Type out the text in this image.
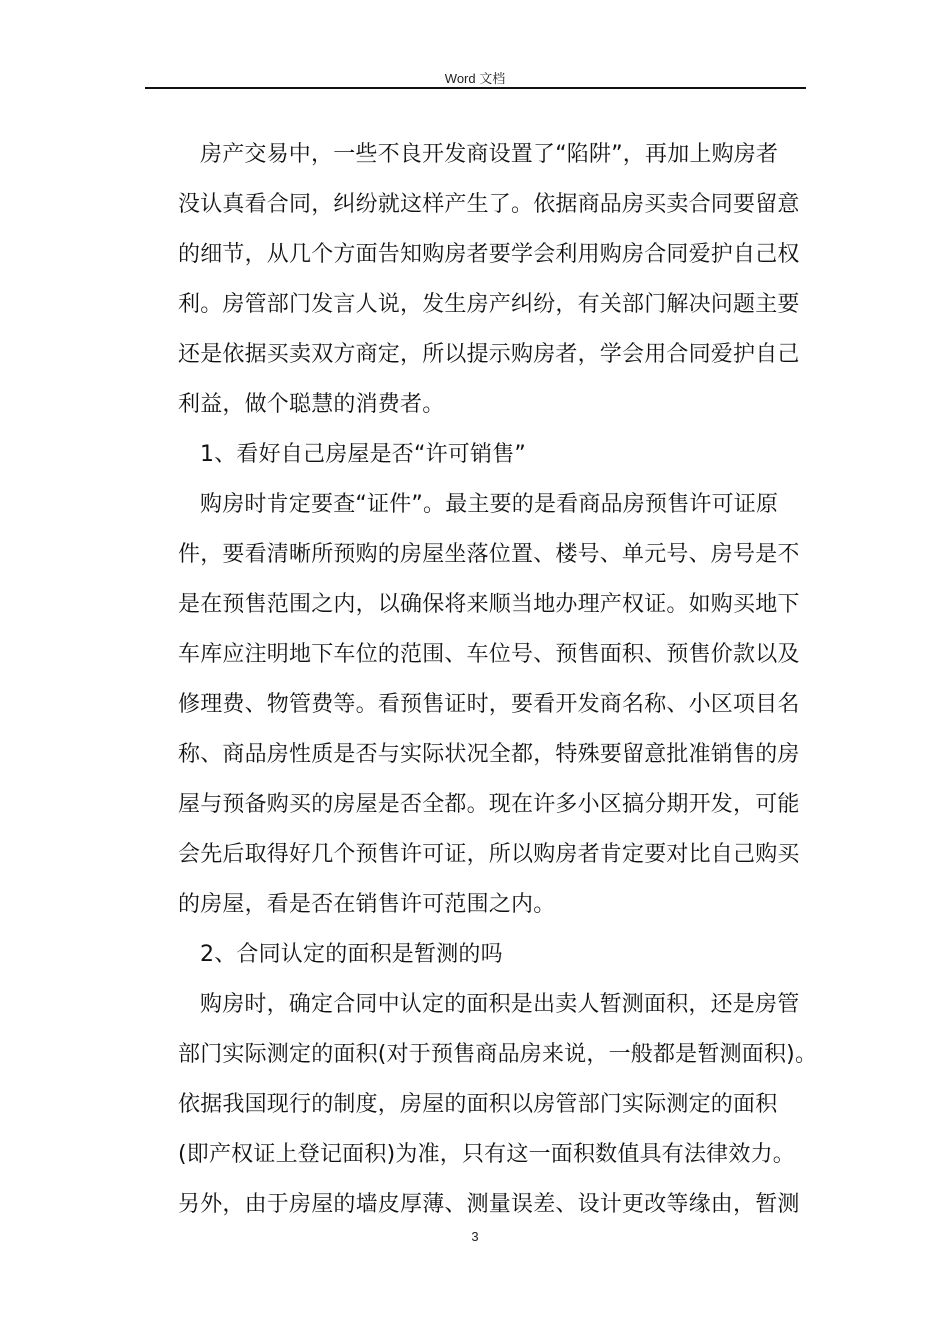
Word 文档
房产交易中，一些不良开发商设置了“陷阱”，再加上购房者
没认真看合同，纠纷就这样产生了。依据商品房买卖合同要留意
的细节，从几个方面告知购房者要学会利用购房合同爱护自己权
利。房管部门发言人说，发生房产纠纷，有关部门解决问题主要
还是依据买卖双方商定，所以提示购房者，学会用合同爱护自己
利益，做个聪慧的消费者。
1、看好自己房屋是否“许可销售”
购房时肯定要查“证件”。最主要的是看商品房预售许可证原
件，要看清晰所预购的房屋坐落位置、楼号、单元号、房号是不
是在预售范围之内，以确保将来顺当地办理产权证。如购买地下
车库应注明地下车位的范围、车位号、预售面积、预售价款以及
修理费、物管费等。看预售证时，要看开发商名称、小区项目名
称、商品房性质是否与实际状况全都，特殊要留意批准销售的房
屋与预备购买的房屋是否全都。现在许多小区搞分期开发，可能
会先后取得好几个预售许可证，所以购房者肯定要对比自己购买
的房屋，看是否在销售许可范围之内。
2、合同认定的面积是暂测的吗
购房时，确定合同中认定的面积是出卖人暂测面积，还是房管
部门实际测定的面积(对于预售商品房来说，一般都是暂测面积)。
依据我国现行的制度，房屋的面积以房管部门实际测定的面积
(即产权证上登记面积)为准，只有这一面积数值具有法律效力。
另外，由于房屋的墙皮厚薄、测量误差、设计更改等缘由，暂测
3
